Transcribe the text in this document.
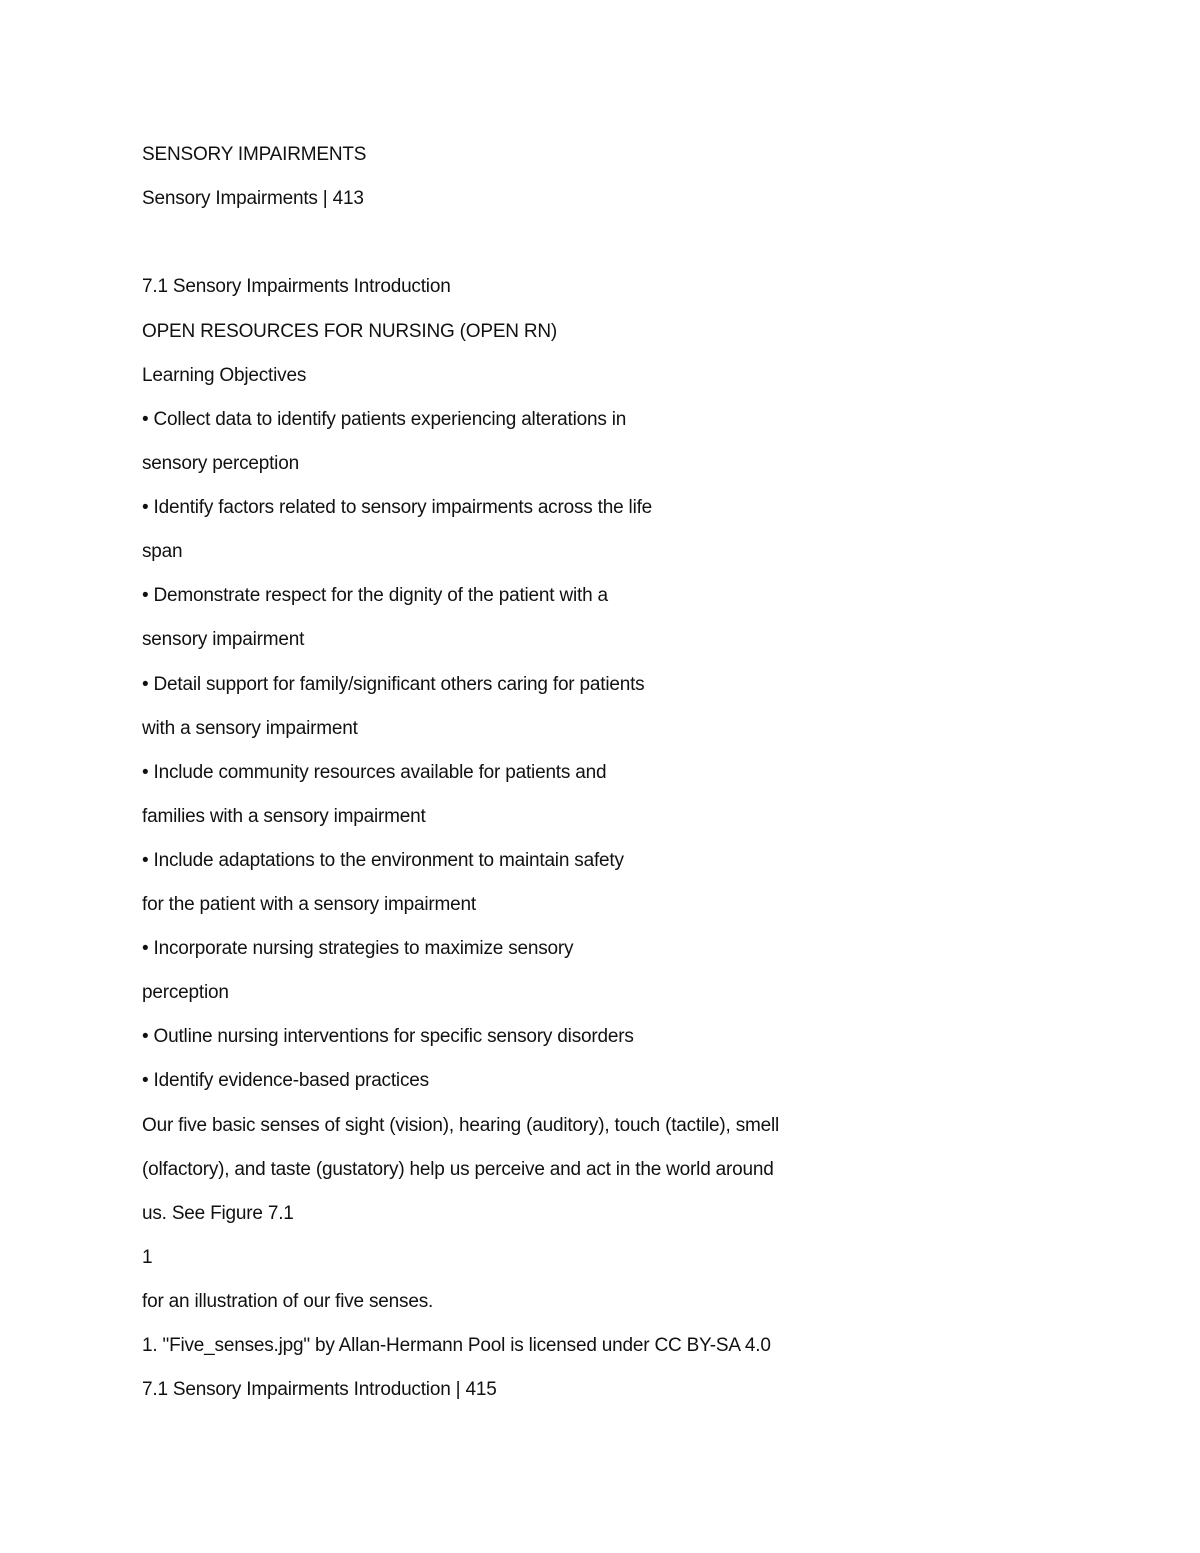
SENSORY IMPAIRMENTS
Sensory Impairments | 413
7.1 Sensory Impairments Introduction
OPEN RESOURCES FOR NURSING (OPEN RN)
Learning Objectives
• Collect data to identify patients experiencing alterations in
sensory perception
• Identify factors related to sensory impairments across the life
span
• Demonstrate respect for the dignity of the patient with a
sensory impairment
• Detail support for family/significant others caring for patients
with a sensory impairment
• Include community resources available for patients and
families with a sensory impairment
• Include adaptations to the environment to maintain safety
for the patient with a sensory impairment
• Incorporate nursing strategies to maximize sensory
perception
• Outline nursing interventions for specific sensory disorders
• Identify evidence-based practices
Our five basic senses of sight (vision), hearing (auditory), touch (tactile), smell
(olfactory), and taste (gustatory) help us perceive and act in the world around
us. See Figure 7.1
1
for an illustration of our five senses.
1. "Five_senses.jpg" by Allan-Hermann Pool is licensed under CC BY-SA 4.0
7.1 Sensory Impairments Introduction | 415
